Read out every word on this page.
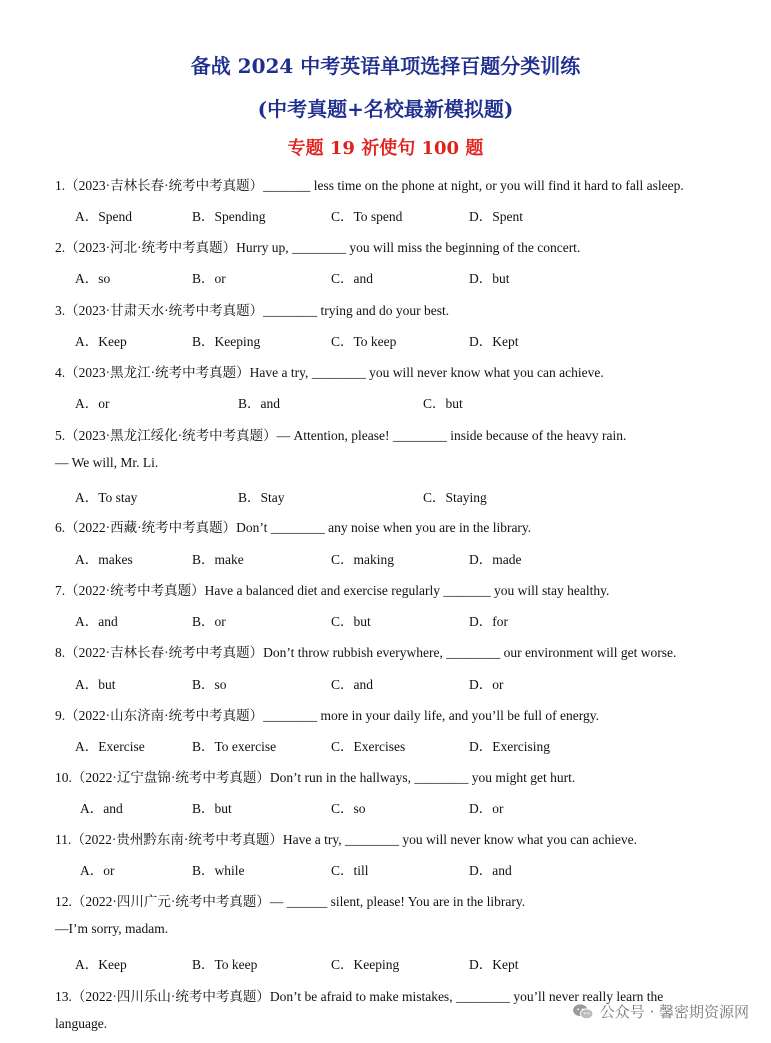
备战 2024 中考英语单项选择百题分类训练
(中考真题+名校最新模拟题)
专题 19 祈使句 100 题
1.（2023·吉林长春·统考中考真题）_______ less time on the phone at night, or you will find it hard to fall asleep.
A．Spend	B．Spending	C．To spend	D．Spent
2.（2023·河北·统考中考真题）Hurry up, ________ you will miss the beginning of the concert.
A．so	B．or	C．and	D．but
3.（2023·甘肃天水·统考中考真题）________ trying and do your best.
A．Keep	B．Keeping	C．To keep	D．Kept
4.（2023·黑龙江·统考中考真题）Have a try, ________ you will never know what you can achieve.
A．or	B．and	C．but
5.（2023·黑龙江绥化·统考中考真题）— Attention, please! ________ inside because of the heavy rain.
— We will, Mr. Li.
A．To stay	B．Stay	C．Staying
6.（2022·西藏·统考中考真题）Don’t ________ any noise when you are in the library.
A．makes	B．make	C．making	D．made
7.（2022·统考中考真题）Have a balanced diet and exercise regularly _______ you will stay healthy.
A．and	B．or	C．but	D．for
8.（2022·吉林长春·统考中考真题）Don’t throw rubbish everywhere, ________ our environment will get worse.
A．but	B．so	C．and	D．or
9.（2022·山东济南·统考中考真题）________ more in your daily life, and you’ll be full of energy.
A．Exercise	B．To exercise	C．Exercises	D．Exercising
10.（2022·辽宁盘锦·统考中考真题）Don’t run in the hallways, ________ you might get hurt.
A．and	B．but	C．so	D．or
11.（2022·贵州黔东南·统考中考真题）Have a try, ________ you will never know what you can achieve.
A．or	B．while	C．till	D．and
12.（2022·四川广元·统考中考真题）— ______ silent, please! You are in the library.
—I’m sorry, madam.
A．Keep	B．To keep	C．Keeping	D．Kept
13.（2022·四川乐山·统考中考真题）Don’t be afraid to make mistakes, ________ you’ll never really learn the
language.
公众号 · 馨密期资源网
